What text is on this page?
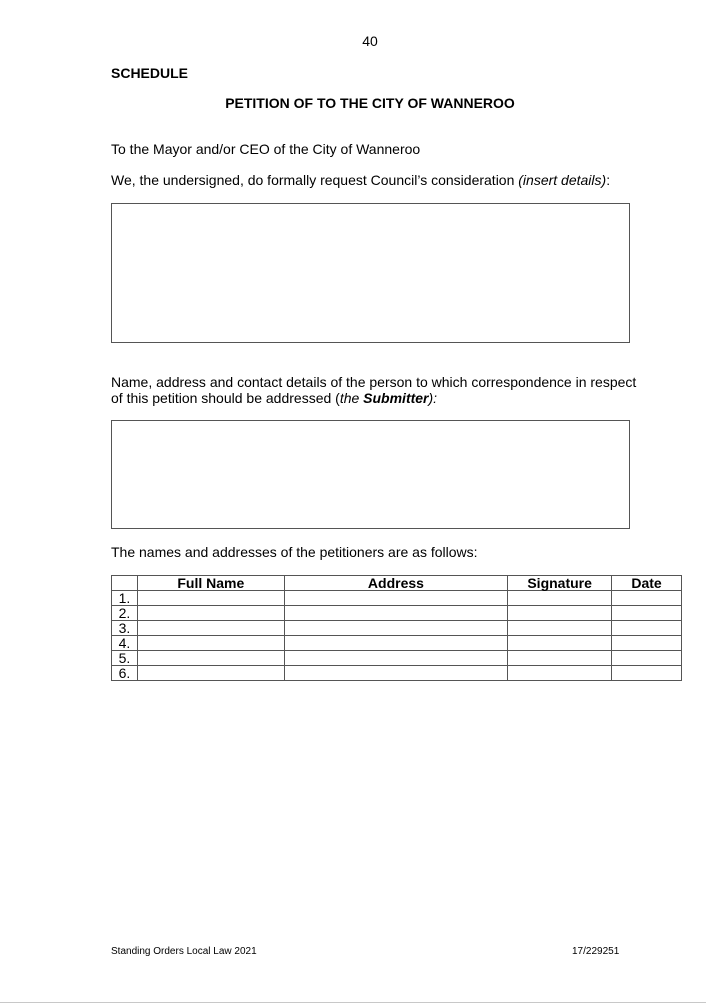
40
SCHEDULE
PETITION OF TO THE CITY OF WANNEROO
To the Mayor and/or CEO of the City of Wanneroo
We, the undersigned, do formally request Council’s consideration (insert details):
Name, address and contact details of the person to which correspondence in respect of this petition should be addressed (the Submitter):
The names and addresses of the petitioners are as follows:
	Full Name	Address	Signature	Date
1.				
2.				
3.				
4.				
5.				
6.				
Standing Orders Local Law 2021	17/229251
